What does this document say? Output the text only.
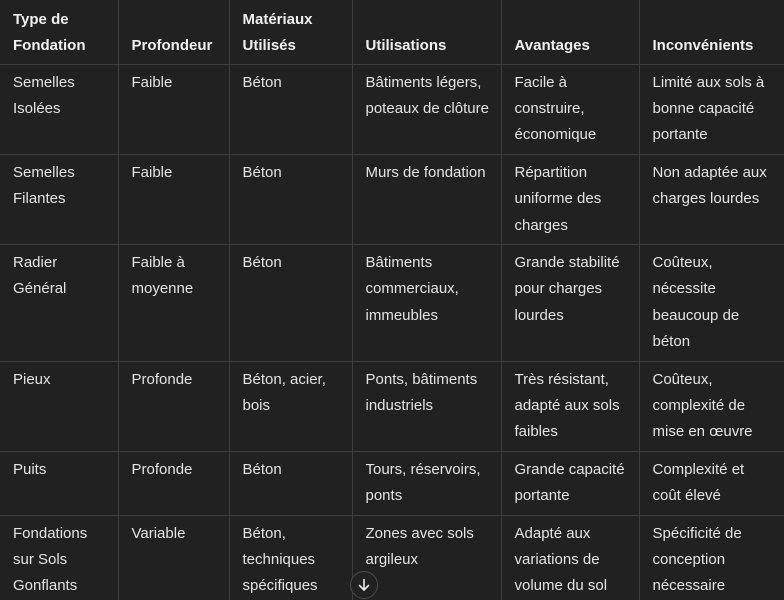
Type de Fondation	Profondeur	Matériaux Utilisés	Utilisations	Avantages	Inconvénients
Semelles Isolées	Faible	Béton	Bâtiments légers, poteaux de clôture	Facile à construire, économique	Limité aux sols à bonne capacité portante
Semelles Filantes	Faible	Béton	Murs de fondation	Répartition uniforme des charges	Non adaptée aux charges lourdes
Radier Général	Faible à moyenne	Béton	Bâtiments commerciaux, immeubles	Grande stabilité pour charges lourdes	Coûteux, nécessite beaucoup de béton
Pieux	Profonde	Béton, acier, bois	Ponts, bâtiments industriels	Très résistant, adapté aux sols faibles	Coûteux, complexité de mise en œuvre
Puits	Profonde	Béton	Tours, réservoirs, ponts	Grande capacité portante	Complexité et coût élevé
Fondations sur Sols Gonflants	Variable	Béton, techniques spécifiques	Zones avec sols argileux	Adapté aux variations de volume du sol	Spécificité de conception nécessaire
